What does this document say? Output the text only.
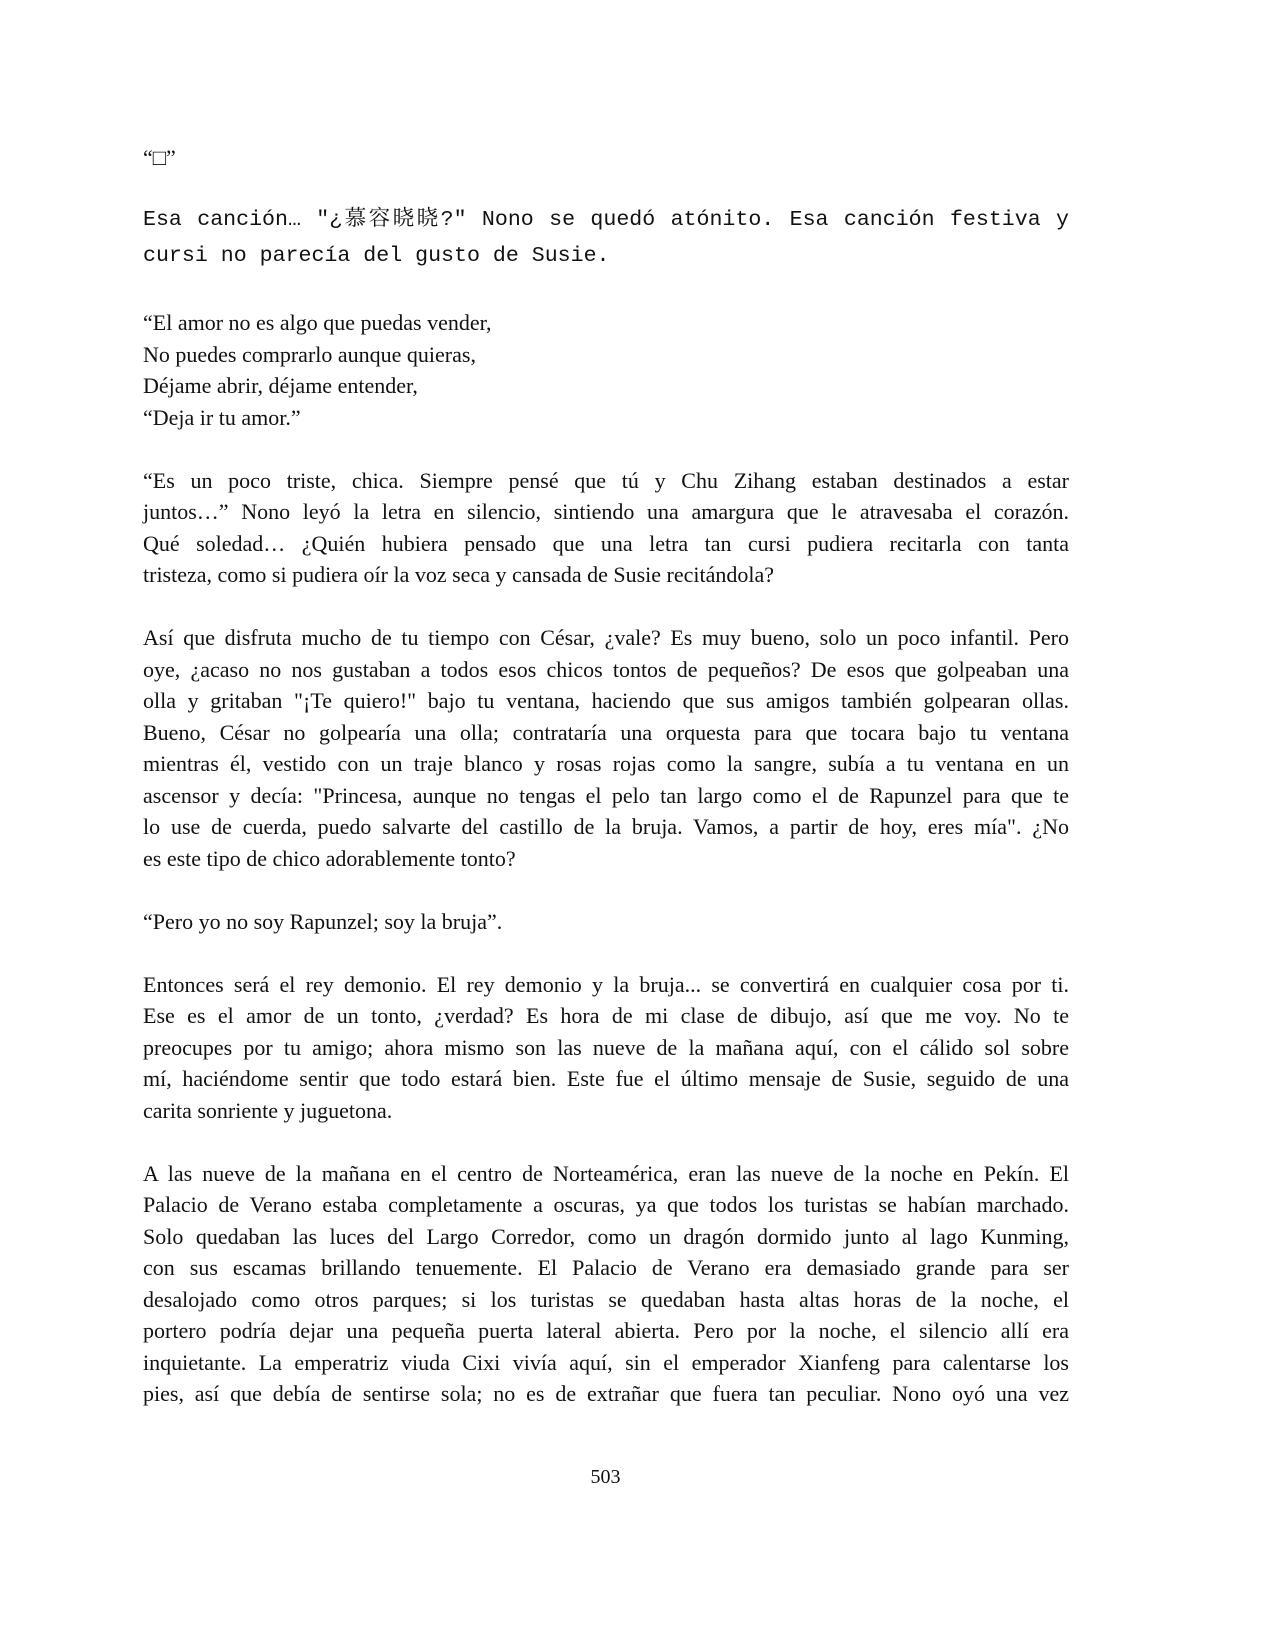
“□”
Esa canción… "¿慕容晓晓?" Nono se quedó atónito. Esa canción festiva y
cursi no parecía del gusto de Susie.
“El amor no es algo que puedas vender,
No puedes comprarlo aunque quieras,
Déjame abrir, déjame entender,
“Deja ir tu amor.”
“Es un poco triste, chica. Siempre pensé que tú y Chu Zihang estaban destinados a estar
juntos…” Nono leyó la letra en silencio, sintiendo una amargura que le atravesaba el corazón.
Qué soledad… ¿Quién hubiera pensado que una letra tan cursi pudiera recitarla con tanta
tristeza, como si pudiera oír la voz seca y cansada de Susie recitándola?
Así que disfruta mucho de tu tiempo con César, ¿vale? Es muy bueno, solo un poco infantil. Pero
oye, ¿acaso no nos gustaban a todos esos chicos tontos de pequeños? De esos que golpeaban una
olla y gritaban "¡Te quiero!" bajo tu ventana, haciendo que sus amigos también golpearan ollas.
Bueno, César no golpearía una olla; contrataría una orquesta para que tocara bajo tu ventana
mientras él, vestido con un traje blanco y rosas rojas como la sangre, subía a tu ventana en un
ascensor y decía: "Princesa, aunque no tengas el pelo tan largo como el de Rapunzel para que te
lo use de cuerda, puedo salvarte del castillo de la bruja. Vamos, a partir de hoy, eres mía". ¿No
es este tipo de chico adorablemente tonto?
“Pero yo no soy Rapunzel; soy la bruja”.
Entonces será el rey demonio. El rey demonio y la bruja... se convertirá en cualquier cosa por ti.
Ese es el amor de un tonto, ¿verdad? Es hora de mi clase de dibujo, así que me voy. No te
preocupes por tu amigo; ahora mismo son las nueve de la mañana aquí, con el cálido sol sobre
mí, haciéndome sentir que todo estará bien. Este fue el último mensaje de Susie, seguido de una
carita sonriente y juguetona.
A las nueve de la mañana en el centro de Norteamérica, eran las nueve de la noche en Pekín. El
Palacio de Verano estaba completamente a oscuras, ya que todos los turistas se habían marchado.
Solo quedaban las luces del Largo Corredor, como un dragón dormido junto al lago Kunming,
con sus escamas brillando tenuemente. El Palacio de Verano era demasiado grande para ser
desalojado como otros parques; si los turistas se quedaban hasta altas horas de la noche, el
portero podría dejar una pequeña puerta lateral abierta. Pero por la noche, el silencio allí era
inquietante. La emperatriz viuda Cixi vivía aquí, sin el emperador Xianfeng para calentarse los
pies, así que debía de sentirse sola; no es de extrañar que fuera tan peculiar. Nono oyó una vez
503
